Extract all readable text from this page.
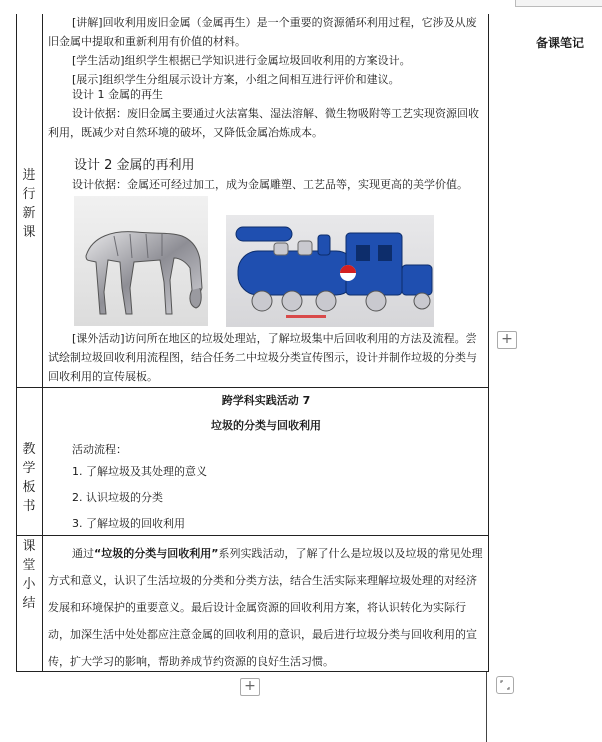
进
行
新
课
教
学
板
书
课
堂
小
结
备课笔记

[讲解]回收利用废旧金属（金属再生）是一个重要的资源循环利用过程，它涉及从废旧金属中提取和重新利用有价值的材料。

[学生活动]组织学生根据已学知识进行金属垃圾回收利用的方案设计。

[展示]组织学生分组展示设计方案，小组之间相互进行评价和建议。

设计 1 金属的再生

设计依据：废旧金属主要通过火法富集、湿法溶解、微生物吸附等工艺实现资源回收利用，既减少对自然环境的破坏，又降低金属冶炼成本。

设计 2 金属的再利用

设计依据：金属还可经过加工，成为金属雕塑、工艺品等，实现更高的美学价值。

[课外活动]访问所在地区的垃圾处理站，了解垃圾集中后回收利用的方法及流程。尝试绘制垃圾回收利用流程图，结合任务二中垃圾分类宣传图示，设计并制作垃圾的分类与回收利用的宣传展板。

跨学科实践活动 7

垃圾的分类与回收利用

活动流程：

1. 了解垃圾及其处理的意义

2. 认识垃圾的分类

3. 了解垃圾的回收利用

通过“垃圾的分类与回收利用”系列实践活动，了解了什么是垃圾以及垃圾的常见处理方式和意义，认识了生活垃圾的分类和分类方法，结合生活实际来理解垃圾处理的对经济发展和环境保护的重要意义。最后设计金属资源的回收利用方案，将认识转化为实际行动，加深生活中处处都应注意金属的回收利用的意识，最后进行垃圾分类与回收利用的宣传，扩大学习的影响，帮助养成节约资源的良好生活习惯。

+
+
